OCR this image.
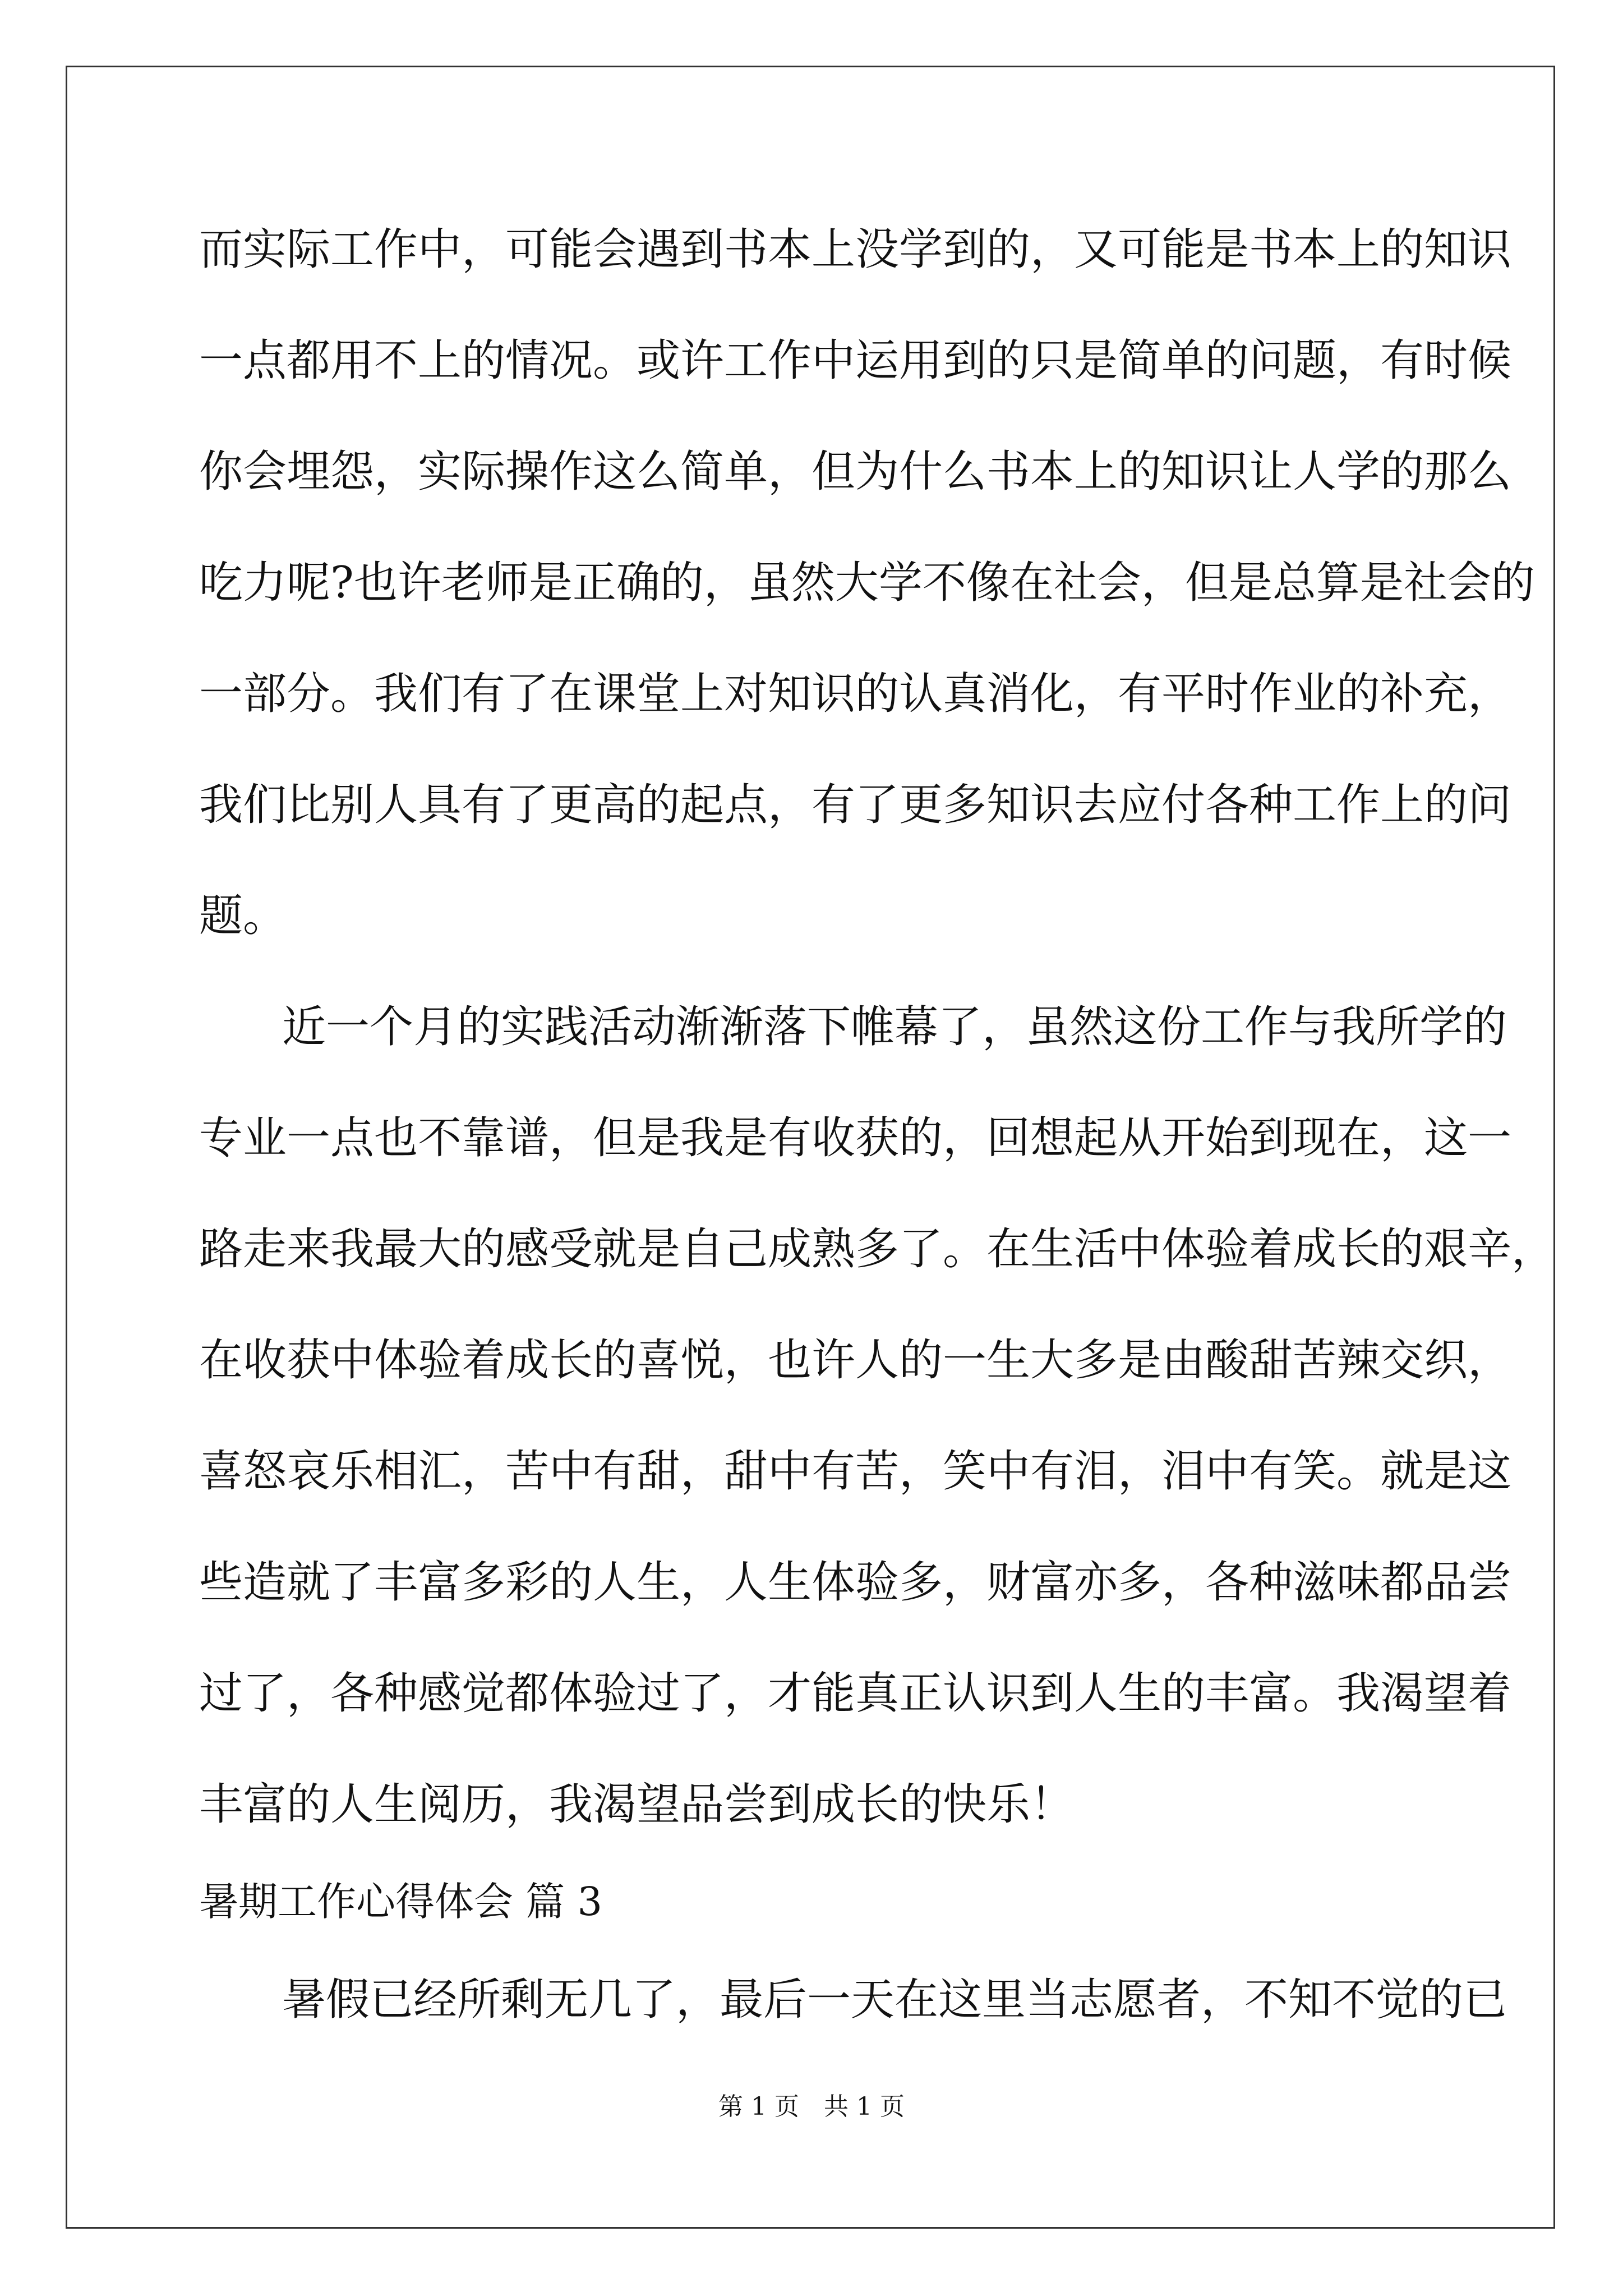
而实际工作中，可能会遇到书本上没学到的，又可能是书本上的知识
一点都用不上的情况。或许工作中运用到的只是简单的问题，有时候
你会埋怨，实际操作这么简单，但为什么书本上的知识让人学的那么
吃力呢?也许老师是正确的，虽然大学不像在社会，但是总算是社会的
一部分。我们有了在课堂上对知识的认真消化，有平时作业的补充，
我们比别人具有了更高的起点，有了更多知识去应付各种工作上的问
题。
近一个月的实践活动渐渐落下帷幕了，虽然这份工作与我所学的
专业一点也不靠谱，但是我是有收获的，回想起从开始到现在，这一
路走来我最大的感受就是自己成熟多了。在生活中体验着成长的艰辛，
在收获中体验着成长的喜悦，也许人的一生大多是由酸甜苦辣交织，
喜怒哀乐相汇，苦中有甜，甜中有苦，笑中有泪，泪中有笑。就是这
些造就了丰富多彩的人生，人生体验多，财富亦多，各种滋味都品尝
过了，各种感觉都体验过了，才能真正认识到人生的丰富。我渴望着
丰富的人生阅历，我渴望品尝到成长的快乐！
暑期工作心得体会 篇 3
暑假已经所剩无几了，最后一天在这里当志愿者，不知不觉的已
第 1 页　共 1 页
